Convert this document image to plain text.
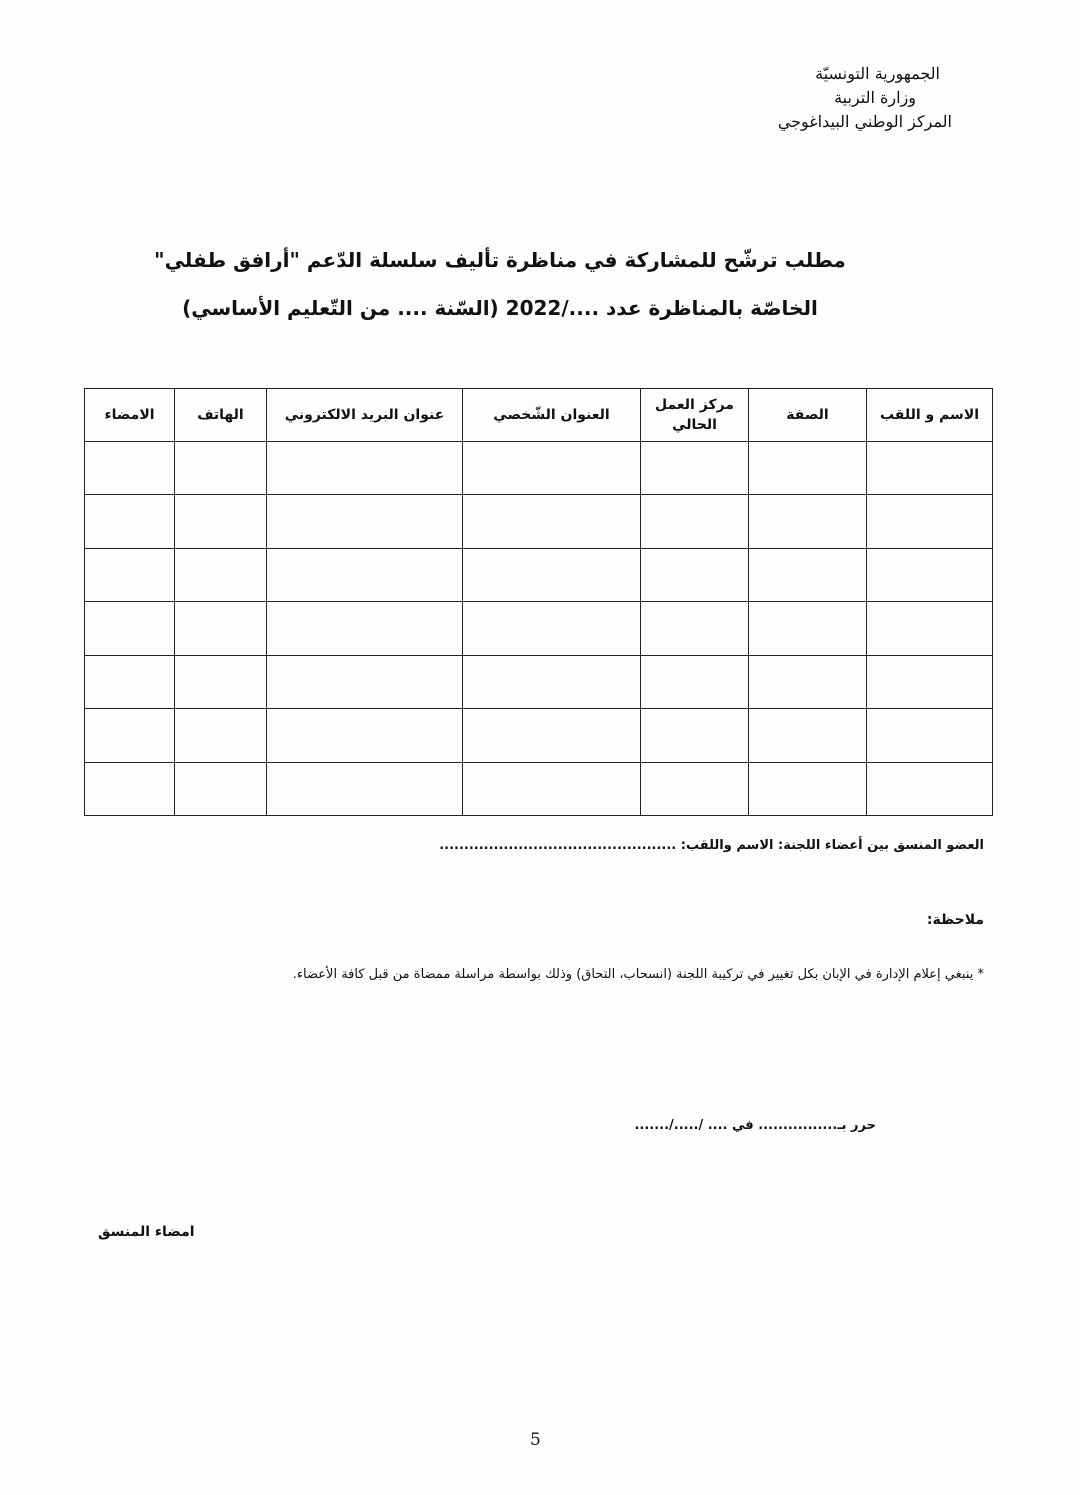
الجمهورية التونسيّة
وزارة التربية
المركز الوطني البيداغوجي
مطلب ترشّح للمشاركة في مناظرة تأليف سلسلة الدّعم "أرافق طفلي"
الخاصّة بالمناظرة عدد ..../2022 (السّنة .... من التّعليم الأساسي)
الاسم و اللقب	الصفة	مركز العمل الحالي	العنوان الشّخصي	عنوان البريد الالكتروني	الهاتف	الامضاء

العضو المنسق بين أعضاء اللجنة: الاسم واللقب: ................................................
ملاحظة:
* ينبغي إعلام الإدارة في الإبان بكل تغيير في تركيبة اللجنة (انسحاب، التحاق) وذلك بواسطة مراسلة ممضاة من قبل كافة الأعضاء.
حرر بـ................ في .... /...../.......
امضاء المنسق
5
